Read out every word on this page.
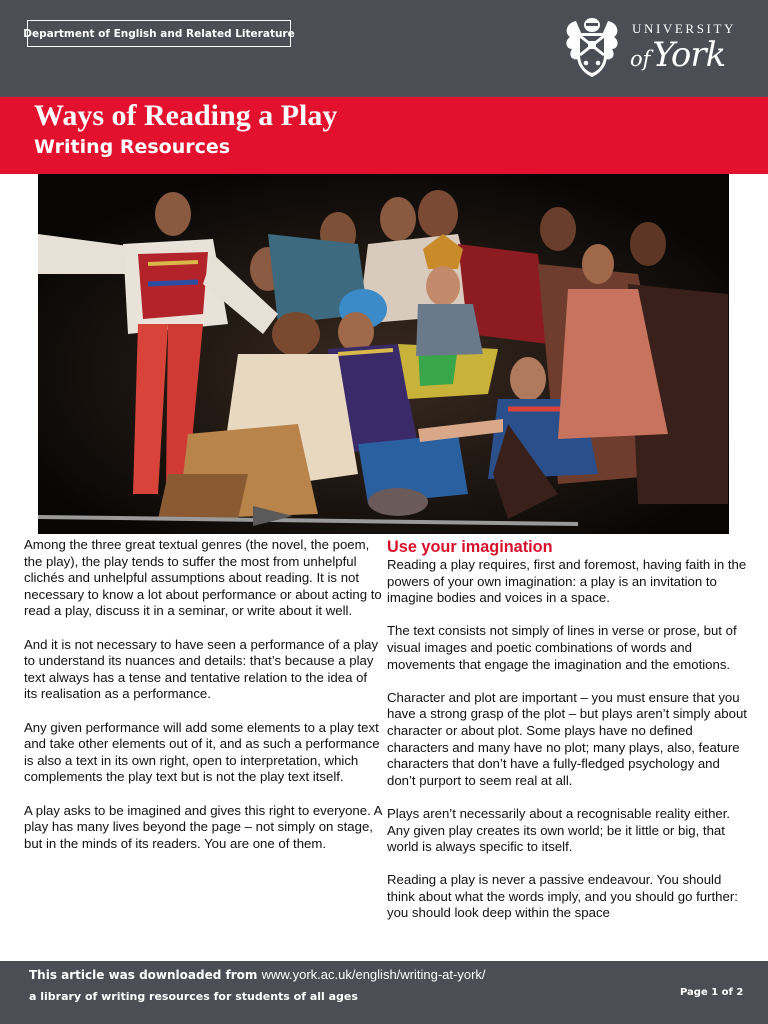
Department of English and Related Literature	UNIVERSITY
ofYork
Ways of Reading a Play
Writing Resources

Among the three great textual genres (the novel, the poem, the play), the play tends to suffer the most from unhelpful clichés and unhelpful assumptions about reading. It is not necessary to know a lot about performance or about acting to read a play, discuss it in a seminar, or write about it well.

And it is not necessary to have seen a performance of a play to understand its nuances and details: that’s because a play text always has a tense and tentative relation to the idea of its realisation as a performance.

Any given performance will add some elements to a play text and take other elements out of it, and as such a performance is also a text in its own right, open to interpretation, which complements the play text but is not the play text itself.

A play asks to be imagined and gives this right to everyone. A play has many lives beyond the page – not simply on stage, but in the minds of its readers. You are one of them.

Use your imagination

Reading a play requires, first and foremost, having faith in the powers of your own imagination: a play is an invitation to imagine bodies and voices in a space.

The text consists not simply of lines in verse or prose, but of visual images and poetic combinations of words and movements that engage the imagination and the emotions.

Character and plot are important – you must ensure that you have a strong grasp of the plot – but plays aren’t simply about character or about plot. Some plays have no defined characters and many have no plot; many plays, also, feature characters that don’t have a fully-fledged psychology and don’t purport to seem real at all.

Plays aren’t necessarily about a recognisable reality either. Any given play creates its own world; be it little or big, that world is always specific to itself.

Reading a play is never a passive endeavour. You should think about what the words imply, and you should go further: you should look deep within the space

This article was downloaded from www.york.ac.uk/english/writing-at-york/
a library of writing resources for students of all ages	Page 1 of 2
